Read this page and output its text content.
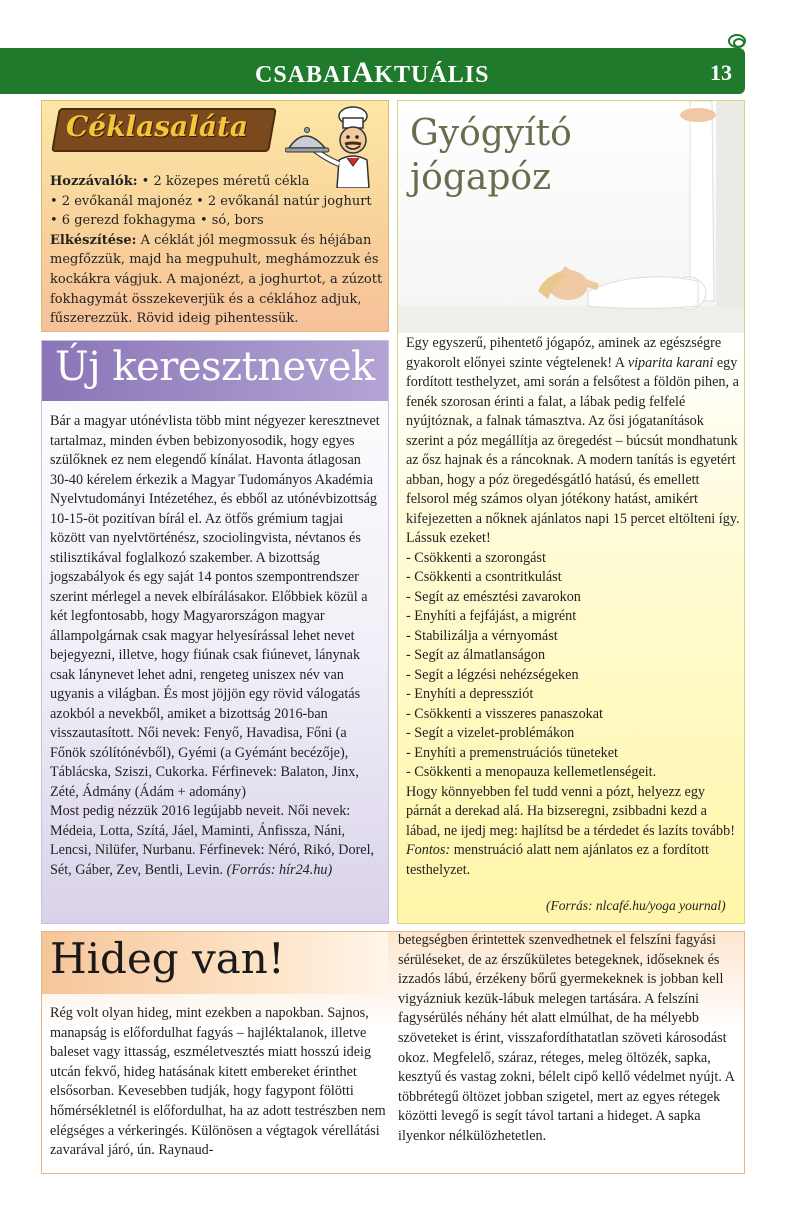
CSABAIAKTUÁLIS	13
Céklasaláta
Hozzávalók: • 2 közepes méretű cékla
• 2 evőkanál majonéz • 2 evőkanál natúr joghurt
• 6 gerezd fokhagyma • só, bors
Elkészítése: A céklát jól megmossuk és héjában megfőzzük, majd ha megpuhult, meghámozzuk és kockákra vágjuk. A majonézt, a joghurtot, a zúzott fokhagymát összekeverjük és a céklához adjuk, fűszerezzük. Rövid ideig pihentessük.
Új keresztnevek

Bár a magyar utónévlista több mint négyezer keresztnevet tartalmaz, minden évben bebizonyosodik, hogy egyes szülőknek ez nem elegendő kínálat. Havonta átlagosan 30-40 kérelem érkezik a Magyar Tudományos Akadémia Nyelvtudományi Intézetéhez, és ebből az utónévbizottság 10-15-öt pozitívan bírál el. Az ötfős grémium tagjai között van nyelvtörténész, szociolingvista, névtanos és stilisztikával foglalkozó szakember. A bizottság jogszabályok és egy saját 14 pontos szempontrendszer szerint mérlegel a nevek elbírálásakor. Előbbiek közül a két legfontosabb, hogy Magyarországon magyar állampolgárnak csak magyar helyesírással lehet nevet bejegyezni, illetve, hogy fiúnak csak fiúnevet, lánynak csak lánynevet lehet adni, rengeteg uniszex név van ugyanis a világban. És most jöjjön egy rövid válogatás azokból a nevekből, amiket a bizottság 2016-ban visszautasított. Női nevek: Fenyő, Havadisa, Főni (a Főnök szólítónévből), Gyémi (a Gyémánt becézője), Táblácska, Sziszi, Cukorka. Férfinevek: Balaton, Jinx, Zété, Ádmány (Ádám + adomány)

Most pedig nézzük 2016 legújabb neveit. Női nevek: Médeia, Lotta, Szítá, Jáel, Maminti, Ánfissza, Náni, Lencsi, Nilüfer, Nurbanu. Férfinevek: Néró, Rikó, Dorel, Sét, Gáber, Zev, Bentli, Levin. (Forrás: hír24.hu)

Gyógyító
jógapóz

Egy egyszerű, pihentető jógapóz, aminek az egészségre gyakorolt előnyei szinte végtelenek! A viparita karani egy fordított testhelyzet, ami során a felsőtest a földön pihen, a fenék szorosan érinti a falat, a lábak pedig felfelé nyújtóznak, a falnak támasztva. Az ősi jógatanítások szerint a póz megállítja az öregedést – búcsút mondhatunk az ősz hajnak és a ráncoknak. A modern tanítás is egyetért abban, hogy a póz öregedésgátló hatású, és emellett felsorol még számos olyan jótékony hatást, amikért kifejezetten a nőknek ajánlatos napi 15 percet eltölteni így. Lássuk ezeket!

- Csökkenti a szorongást
- Csökkenti a csontritkulást
- Segít az emésztési zavarokon
- Enyhíti a fejfájást, a migrént
- Stabilizálja a vérnyomást
- Segít az álmatlanságon
- Segít a légzési nehézségeken
- Enyhíti a depressziót
- Csökkenti a visszeres panaszokat
- Segít a vizelet-problémákon
- Enyhíti a premenstruációs tüneteket
- Csökkenti a menopauza kellemetlenségeit.

Hogy könnyebben fel tudd venni a pózt, helyezz egy párnát a derekad alá. Ha bizseregni, zsibbadni kezd a lábad, ne ijedj meg: hajlítsd be a térdedet és lazíts tovább! Fontos: menstruáció alatt nem ajánlatos ez a fordított testhelyzet.

(Forrás: nlcafé.hu/yoga yournal)
Hideg van!
Rég volt olyan hideg, mint ezekben a napokban. Sajnos, manapság is előfordulhat fagyás – hajléktalanok, illetve baleset vagy ittasság, eszméletvesztés miatt hosszú ideig utcán fekvő, hideg hatásának kitett embereket érinthet elsősorban. Kevesebben tudják, hogy fagypont fölötti hőmérsékletnél is előfordulhat, ha az adott testrészben nem elégséges a vérkeringés. Különösen a végtagok vérellátási zavarával járó, ún. Raynaud-
betegségben érintettek szenvedhetnek el felszíni fagyási sérüléseket, de az érszűkületes betegeknek, időseknek és izzadós lábú, érzékeny bőrű gyermekeknek is jobban kell vigyázniuk kezük-lábuk melegen tartására. A felszíni fagysérülés néhány hét alatt elmúlhat, de ha mélyebb szöveteket is érint, visszafordíthatatlan szöveti károsodást okoz. Megfelelő, száraz, réteges, meleg öltözék, sapka, kesztyű és vastag zokni, bélelt cipő kellő védelmet nyújt. A többrétegű öltözet jobban szigetel, mert az egyes rétegek közötti levegő is segít távol tartani a hideget. A sapka ilyenkor nélkülözhetetlen.
